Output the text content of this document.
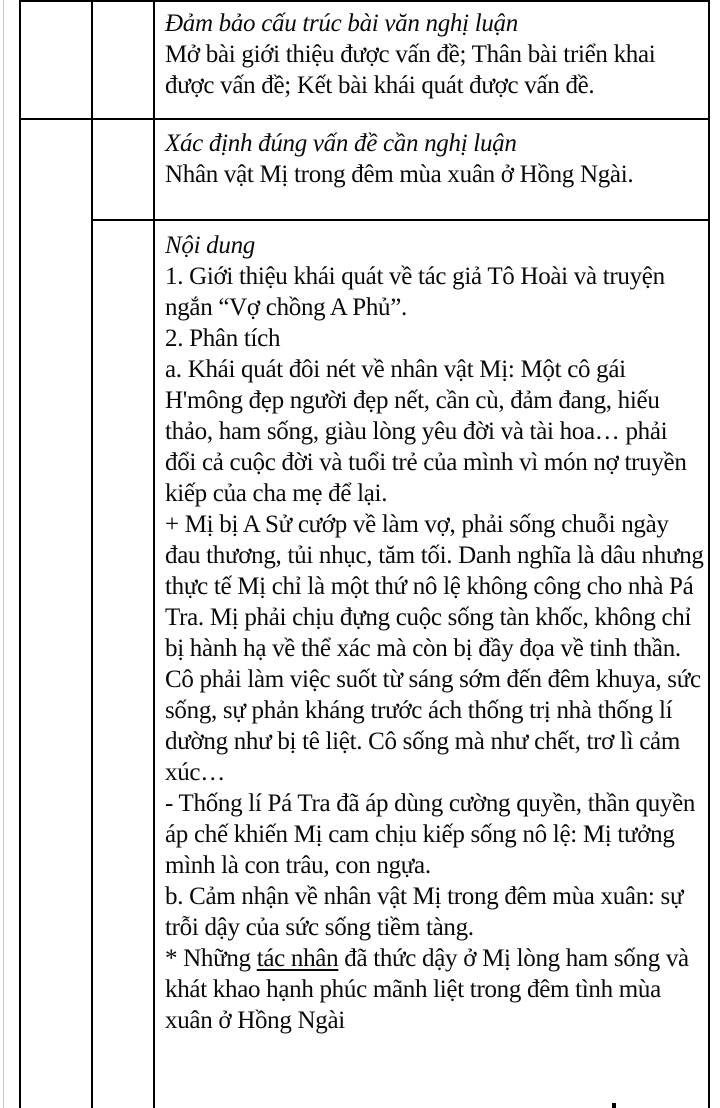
Đảm bảo cấu trúc bài văn nghị luận

Mở bài giới thiệu được vấn đề; Thân bài triển khai được vấn đề; Kết bài khái quát được vấn đề.

Xác định đúng vấn đề cần nghị luận

Nhân vật Mị trong đêm mùa xuân ở Hồng Ngài.

Nội dung

1. Giới thiệu khái quát về tác giả Tô Hoài và truyện ngắn “Vợ chồng A Phủ”.

2. Phân tích

a. Khái quát đôi nét về nhân vật Mị: Một cô gái H'mông đẹp người đẹp nết, cần cù, đảm đang, hiếu thảo, ham sống, giàu lòng yêu đời và tài hoa… phải đổi cả cuộc đời và tuổi trẻ của mình vì món nợ truyền kiếp của cha mẹ để lại.

+ Mị bị A Sử cướp về làm vợ, phải sống chuỗi ngày đau thương, tủi nhục, tăm tối. Danh nghĩa là dâu nhưng thực tế Mị chỉ là một thứ nô lệ không công cho nhà Pá Tra. Mị phải chịu đựng cuộc sống tàn khốc, không chỉ bị hành hạ về thể xác mà còn bị đầy đọa về tinh thần. Cô phải làm việc suốt từ sáng sớm đến đêm khuya, sức sống, sự phản kháng trước ách thống trị nhà thống lí dường như bị tê liệt. Cô sống mà như chết, trơ lì cảm xúc…

- Thống lí Pá Tra đã áp dùng cường quyền, thần quyền áp chế khiến Mị cam chịu kiếp sống nô lệ: Mị tưởng mình là con trâu, con ngựa.

b. Cảm nhận về nhân vật Mị trong đêm mùa xuân: sự trỗi dậy của sức sống tiềm tàng.

* Những tác nhân đã thức dậy ở Mị lòng ham sống và khát khao hạnh phúc mãnh liệt trong đêm tình mùa xuân ở Hồng Ngài
